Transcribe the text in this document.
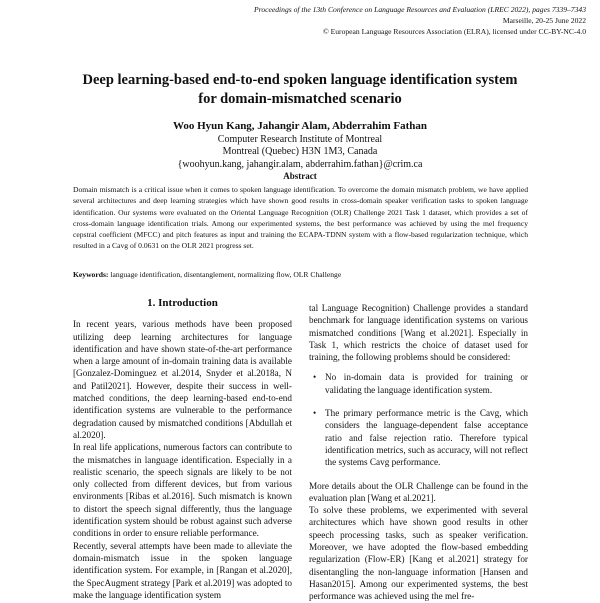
Proceedings of the 13th Conference on Language Resources and Evaluation (LREC 2022), pages 7339–7343
Marseille, 20-25 June 2022
© European Language Resources Association (ELRA), licensed under CC-BY-NC-4.0
Deep learning-based end-to-end spoken language identification system
for domain-mismatched scenario
Woo Hyun Kang, Jahangir Alam, Abderrahim Fathan
Computer Research Institute of Montreal
Montreal (Quebec) H3N 1M3, Canada
{woohyun.kang, jahangir.alam, abderrahim.fathan}@crim.ca
Abstract
Domain mismatch is a critical issue when it comes to spoken language identification. To overcome the domain mismatch problem, we have applied several architectures and deep learning strategies which have shown good results in cross-domain speaker verification tasks to spoken language identification. Our systems were evaluated on the Oriental Language Recognition (OLR) Challenge 2021 Task 1 dataset, which provides a set of cross-domain language identification trials. Among our experimented systems, the best performance was achieved by using the mel frequency cepstral coefficient (MFCC) and pitch features as input and training the ECAPA-TDNN system with a flow-based regularization technique, which resulted in a Cavg of 0.0631 on the OLR 2021 progress set.
Keywords: language identification, disentanglement, normalizing flow, OLR Challenge
1. Introduction

In recent years, various methods have been proposed utilizing deep learning architectures for language identification and have shown state-of-the-art performance when a large amount of in-domain training data is available [Gonzalez-Dominguez et al.2014, Snyder et al.2018a, N and Patil2021]. However, despite their success in well-matched conditions, the deep learning-based end-to-end identification systems are vulnerable to the performance degradation caused by mismatched conditions [Abdullah et al.2020].

In real life applications, numerous factors can contribute to the mismatches in language identification. Especially in a realistic scenario, the speech signals are likely to be not only collected from different devices, but from various environments [Ribas et al.2016]. Such mismatch is known to distort the speech signal differently, thus the language identification system should be robust against such adverse conditions in order to ensure reliable performance.

Recently, several attempts have been made to alleviate the domain-mismatch issue in the spoken language identification system. For example, in [Rangan et al.2020], the SpecAugment strategy [Park et al.2019] was adopted to make the language identification system

tal Language Recognition) Challenge provides a standard benchmark for language identification systems on various mismatched conditions [Wang et al.2021]. Especially in Task 1, which restricts the choice of dataset used for training, the following problems should be considered:

• No in-domain data is provided for training or validating the language identification system.
• The primary performance metric is the Cavg, which considers the language-dependent false acceptance ratio and false rejection ratio. Therefore typical identification metrics, such as accuracy, will not reflect the systems Cavg performance.

More details about the OLR Challenge can be found in the evaluation plan [Wang et al.2021].

To solve these problems, we experimented with several architectures which have shown good results in other speech processing tasks, such as speaker verification. Moreover, we have adopted the flow-based embedding regularization (Flow-ER) [Kang et al.2021] strategy for disentangling the non-language information [Hansen and Hasan2015]. Among our experimented systems, the best performance was achieved using the mel fre-
